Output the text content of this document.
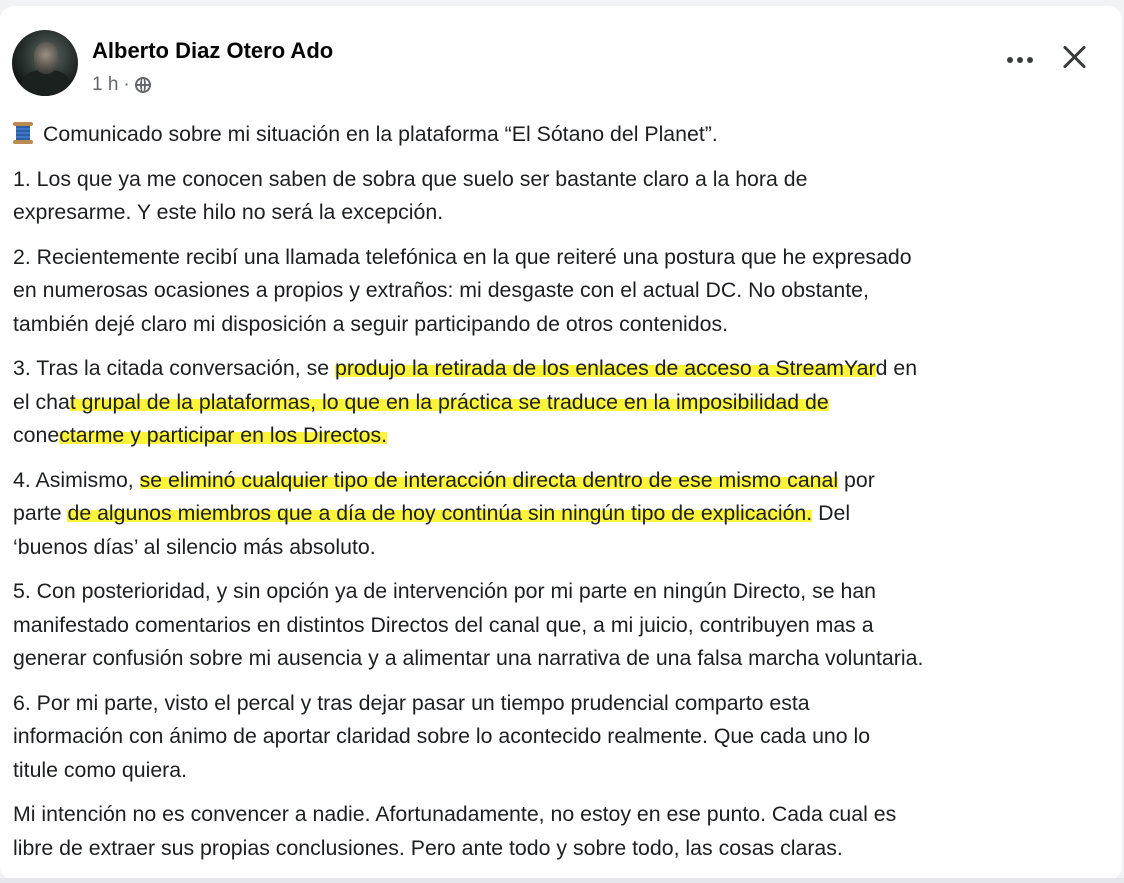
Alberto Diaz Otero Ado
1 h ·

Comunicado sobre mi situación en la plataforma “El Sótano del Planet”.

1. Los que ya me conocen saben de sobra que suelo ser bastante claro a la hora de
expresarme. Y este hilo no será la excepción.

2. Recientemente recibí una llamada telefónica en la que reiteré una postura que he expresado
en numerosas ocasiones a propios y extraños: mi desgaste con el actual DC. No obstante,
también dejé claro mi disposición a seguir participando de otros contenidos.

3. Tras la citada conversación, se produjo la retirada de los enlaces de acceso a StreamYard en
el chat grupal de la plataformas, lo que en la práctica se traduce en la imposibilidad de
conectarme y participar en los Directos.

4. Asimismo, se eliminó cualquier tipo de interacción directa dentro de ese mismo canal por
parte de algunos miembros que a día de hoy continúa sin ningún tipo de explicación. Del
‘buenos días’ al silencio más absoluto.

5. Con posterioridad, y sin opción ya de intervención por mi parte en ningún Directo, se han
manifestado comentarios en distintos Directos del canal que, a mi juicio, contribuyen mas a
generar confusión sobre mi ausencia y a alimentar una narrativa de una falsa marcha voluntaria.

6. Por mi parte, visto el percal y tras dejar pasar un tiempo prudencial comparto esta
información con ánimo de aportar claridad sobre lo acontecido realmente. Que cada uno lo
titule como quiera.

Mi intención no es convencer a nadie. Afortunadamente, no estoy en ese punto. Cada cual es
libre de extraer sus propias conclusiones. Pero ante todo y sobre todo, las cosas claras.
